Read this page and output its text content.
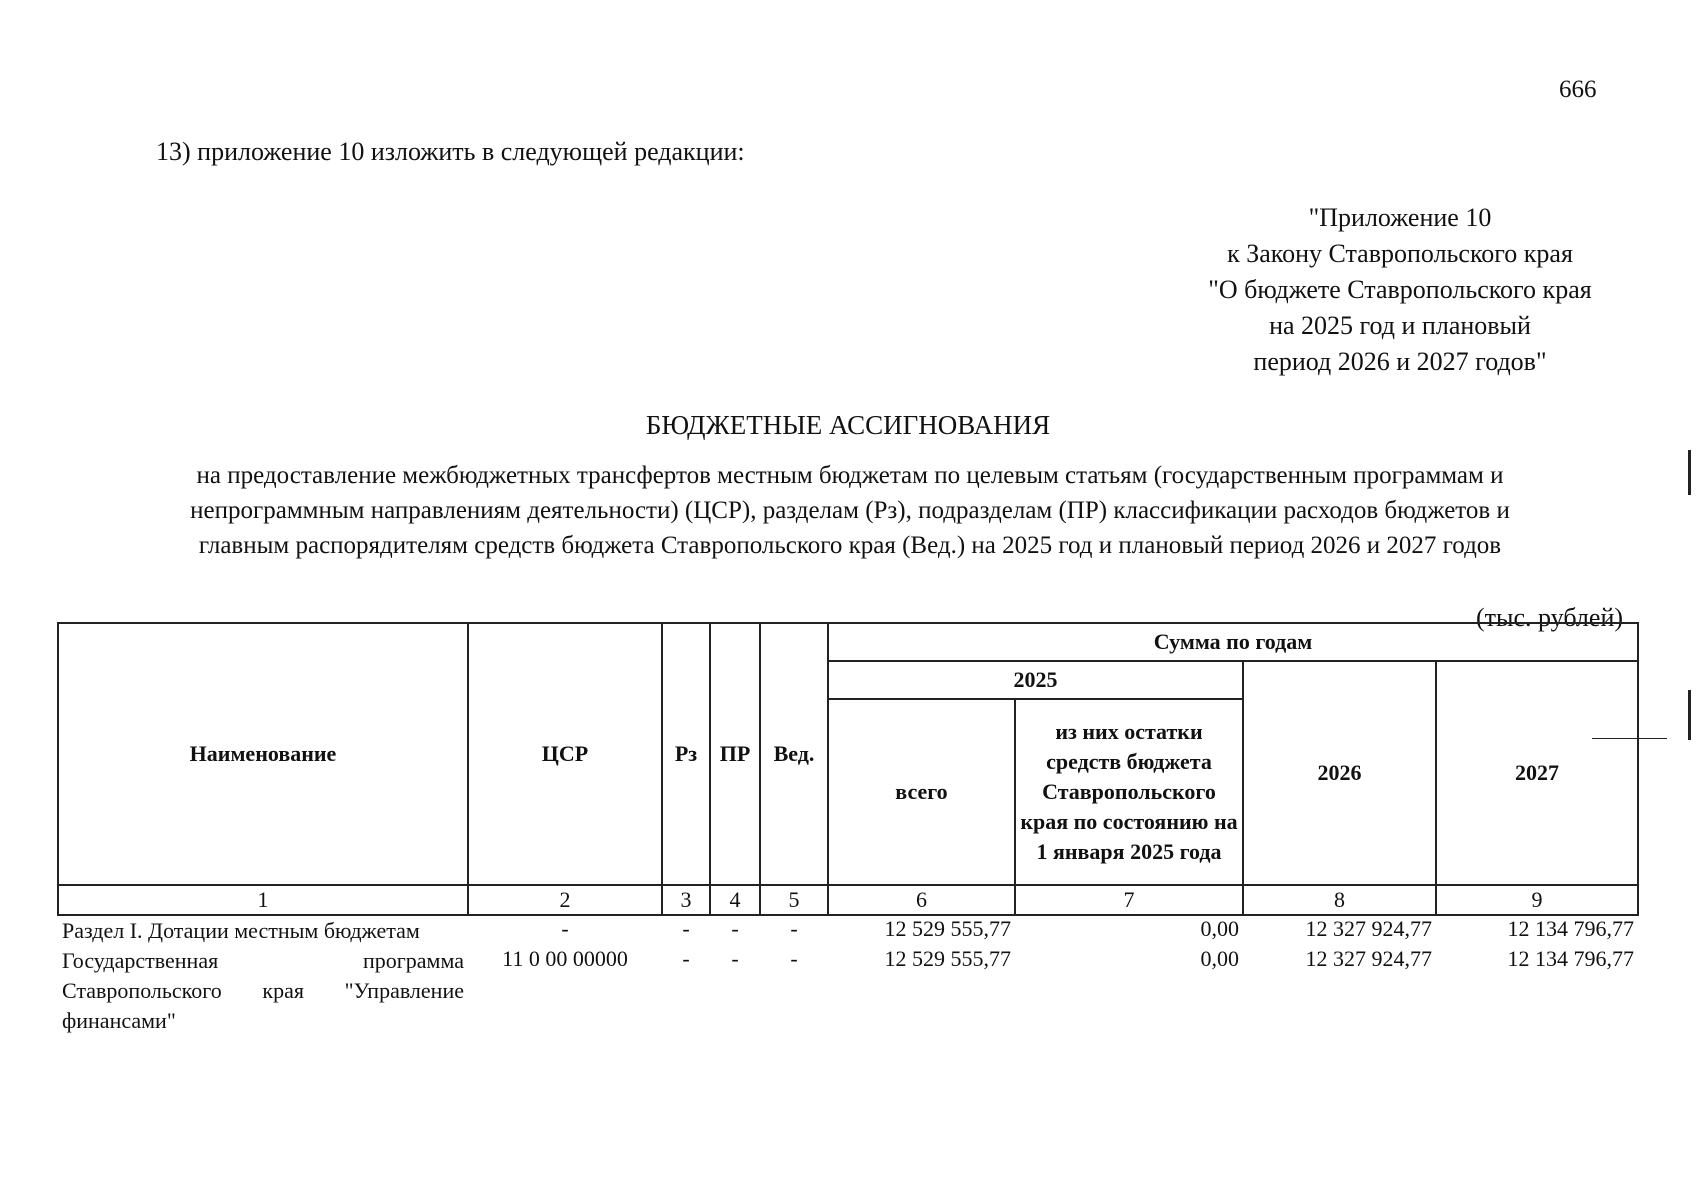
666
13) приложение 10 изложить в следующей редакции:
"Приложение 10
к Закону Ставропольского края
"О бюджете Ставропольского края
на 2025 год и плановый
период 2026 и 2027 годов"
БЮДЖЕТНЫЕ АССИГНОВАНИЯ
на предоставление межбюджетных трансфертов местным бюджетам по целевым статьям (государственным программам и
непрограммным направлениям деятельности) (ЦСР), разделам (Рз), подразделам (ПР) классификации расходов бюджетов и
главным распорядителям средств бюджета Ставропольского края (Вед.) на 2025 год и плановый период 2026 и 2027 годов
(тыс. рублей)
Наименование	ЦСР	Рз	ПР	Вед.	Сумма по годам			
					2025		2026	2027
					всего	из них остатки средств бюджета Ставропольского края по состоянию на 1 января 2025 года		
1	2	3	4	5	6	7	8	9
Раздел I. Дотации местным бюджетам	-	-	-	-	12 529 555,77	0,00	12 327 924,77	12 134 796,77
Государственная программа Ставропольского края "Управление финансами"	11 0 00 00000	-	-	-	12 529 555,77	0,00	12 327 924,77	12 134 796,77
